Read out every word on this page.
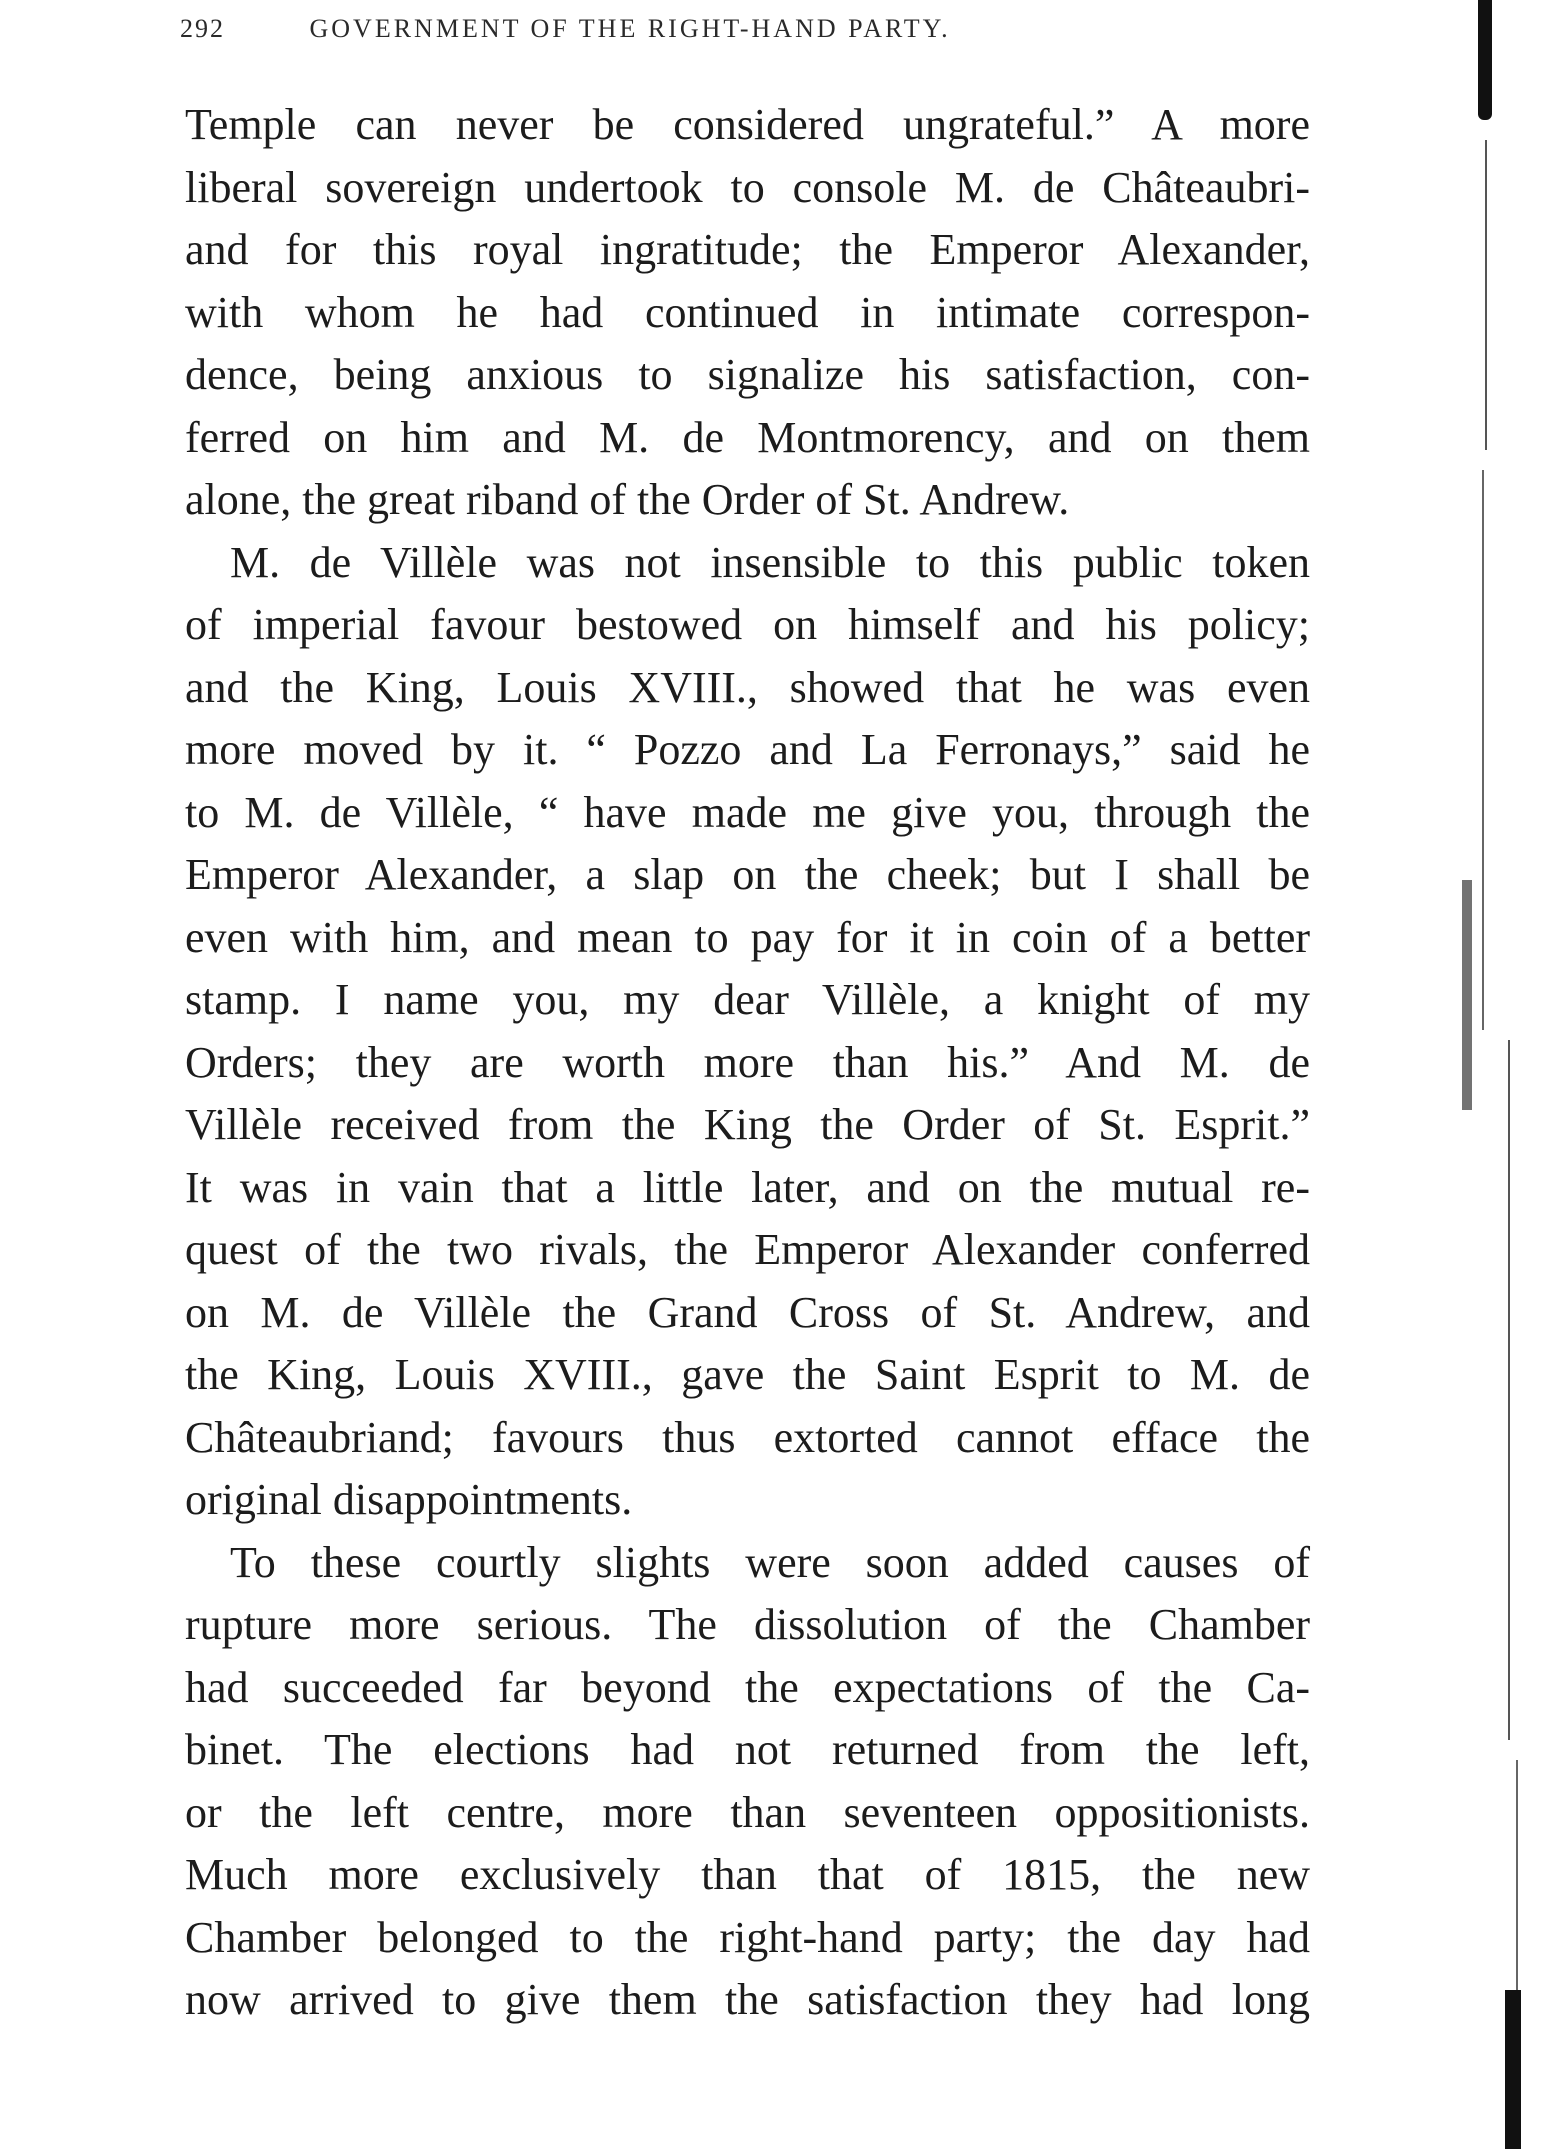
292	GOVERNMENT OF THE RIGHT-HAND PARTY.
Temple can never be considered ungrateful.” A more
liberal sovereign undertook to console M. de Châteaubri-
and for this royal ingratitude; the Emperor Alexander,
with whom he had continued in intimate correspon-
dence, being anxious to signalize his satisfaction, con-
ferred on him and M. de Montmorency, and on them
alone, the great riband of the Order of St. Andrew.
M. de Villèle was not insensible to this public token
of imperial favour bestowed on himself and his policy;
and the King, Louis XVIII., showed that he was even
more moved by it. “ Pozzo and La Ferronays,” said he
to M. de Villèle, “ have made me give you, through the
Emperor Alexander, a slap on the cheek; but I shall be
even with him, and mean to pay for it in coin of a better
stamp. I name you, my dear Villèle, a knight of my
Orders; they are worth more than his.” And M. de
Villèle received from the King the Order of St. Esprit.”
It was in vain that a little later, and on the mutual re-
quest of the two rivals, the Emperor Alexander conferred
on M. de Villèle the Grand Cross of St. Andrew, and
the King, Louis XVIII., gave the Saint Esprit to M. de
Châteaubriand; favours thus extorted cannot efface the
original disappointments.
To these courtly slights were soon added causes of
rupture more serious. The dissolution of the Chamber
had succeeded far beyond the expectations of the Ca-
binet. The elections had not returned from the left,
or the left centre, more than seventeen oppositionists.
Much more exclusively than that of 1815, the new
Chamber belonged to the right-hand party; the day had
now arrived to give them the satisfaction they had long
